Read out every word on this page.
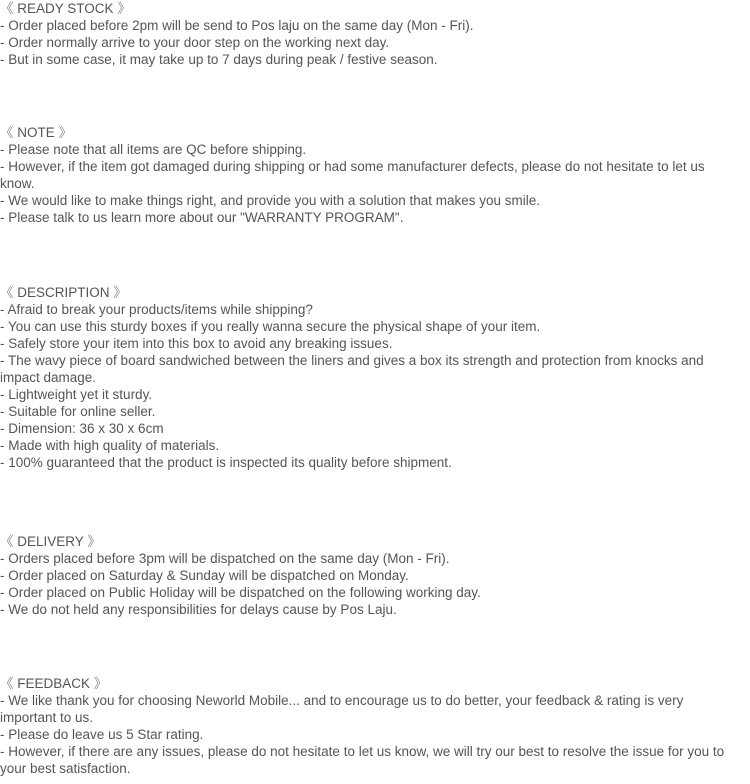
《 READY STOCK 》
- Order placed before 2pm will be send to Pos laju on the same day (Mon - Fri).
- Order normally arrive to your door step on the working next day.
- But in some case, it may take up to 7 days during peak / festive season.
《 NOTE 》
- Please note that all items are QC before shipping.
- However, if the item got damaged during shipping or had some manufacturer defects, please do not hesitate to let us know.
- We would like to make things right, and provide you with a solution that makes you smile.
- Please talk to us learn more about our "WARRANTY PROGRAM".
《 DESCRIPTION 》
- Afraid to break your products/items while shipping?
- You can use this sturdy boxes if you really wanna secure the physical shape of your item.
- Safely store your item into this box to avoid any breaking issues.
- The wavy piece of board sandwiched between the liners and gives a box its strength and protection from knocks and impact damage.
- Lightweight yet it sturdy.
- Suitable for online seller.
- Dimension: 36 x 30 x 6cm
- Made with high quality of materials.
- 100% guaranteed that the product is inspected its quality before shipment.
《 DELIVERY 》
- Orders placed before 3pm will be dispatched on the same day (Mon - Fri).
- Order placed on Saturday & Sunday will be dispatched on Monday.
- Order placed on Public Holiday will be dispatched on the following working day.
- We do not held any responsibilities for delays cause by Pos Laju.
《 FEEDBACK 》
- We like thank you for choosing Neworld Mobile... and to encourage us to do better, your feedback & rating is very important to us.
- Please do leave us 5 Star rating.
- However, if there are any issues, please do not hesitate to let us know, we will try our best to resolve the issue for you to your best satisfaction.
